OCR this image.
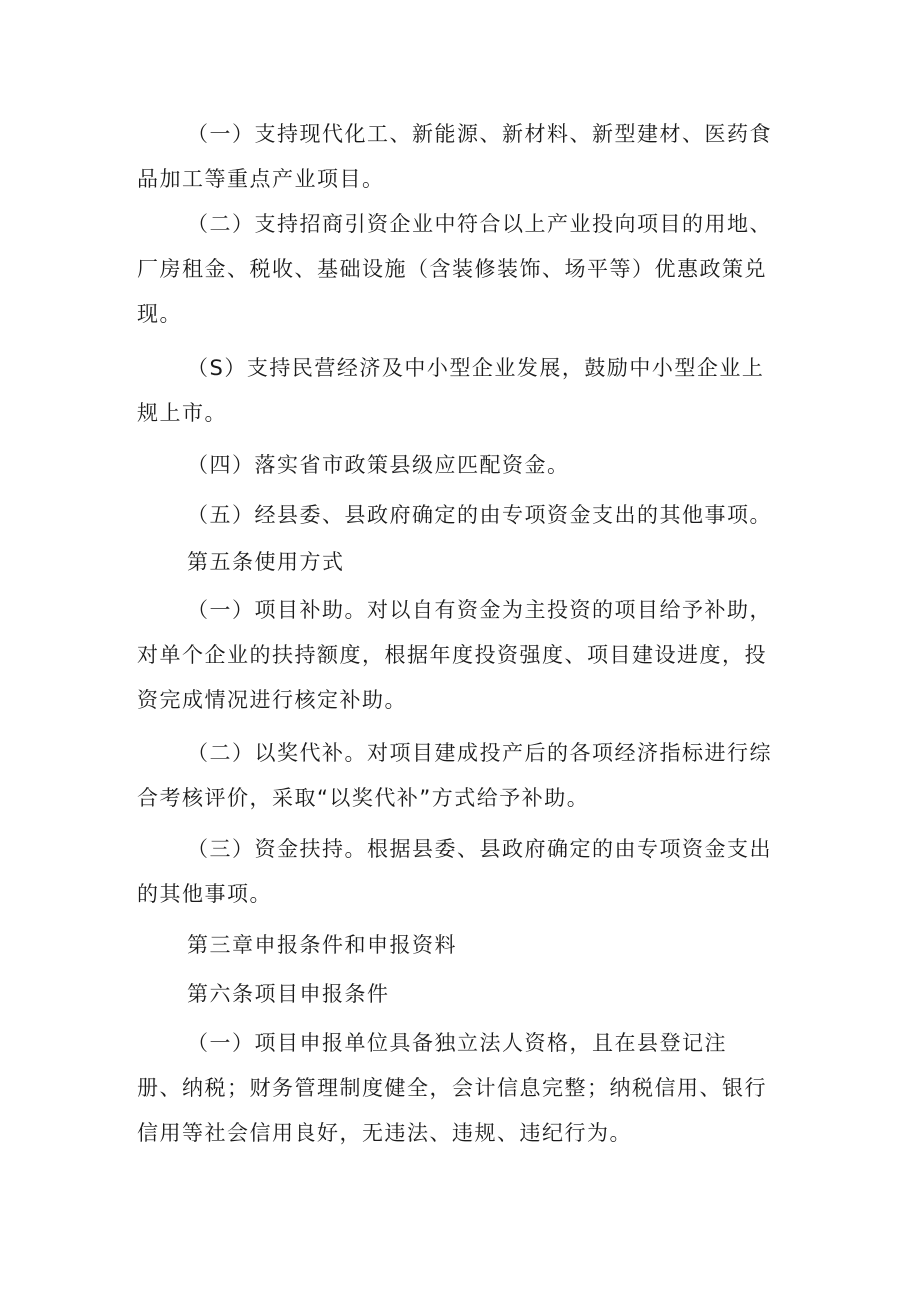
（一）支持现代化工、新能源、新材料、新型建材、医药食
品加工等重点产业项目。
（二）支持招商引资企业中符合以上产业投向项目的用地、
厂房租金、税收、基础设施（含装修装饰、场平等）优惠政策兑
现。
（S）支持民营经济及中小型企业发展，鼓励中小型企业上
规上市。
（四）落实省市政策县级应匹配资金。
（五）经县委、县政府确定的由专项资金支出的其他事项。
第五条使用方式
（一）项目补助。对以自有资金为主投资的项目给予补助，
对单个企业的扶持额度，根据年度投资强度、项目建设进度，投
资完成情况进行核定补助。
（二）以奖代补。对项目建成投产后的各项经济指标进行综
合考核评价，采取“以奖代补”方式给予补助。
（三）资金扶持。根据县委、县政府确定的由专项资金支出
的其他事项。
第三章申报条件和申报资料
第六条项目申报条件
（一）项目申报单位具备独立法人资格，且在县登记注
册、纳税；财务管理制度健全，会计信息完整；纳税信用、银行
信用等社会信用良好，无违法、违规、违纪行为。
